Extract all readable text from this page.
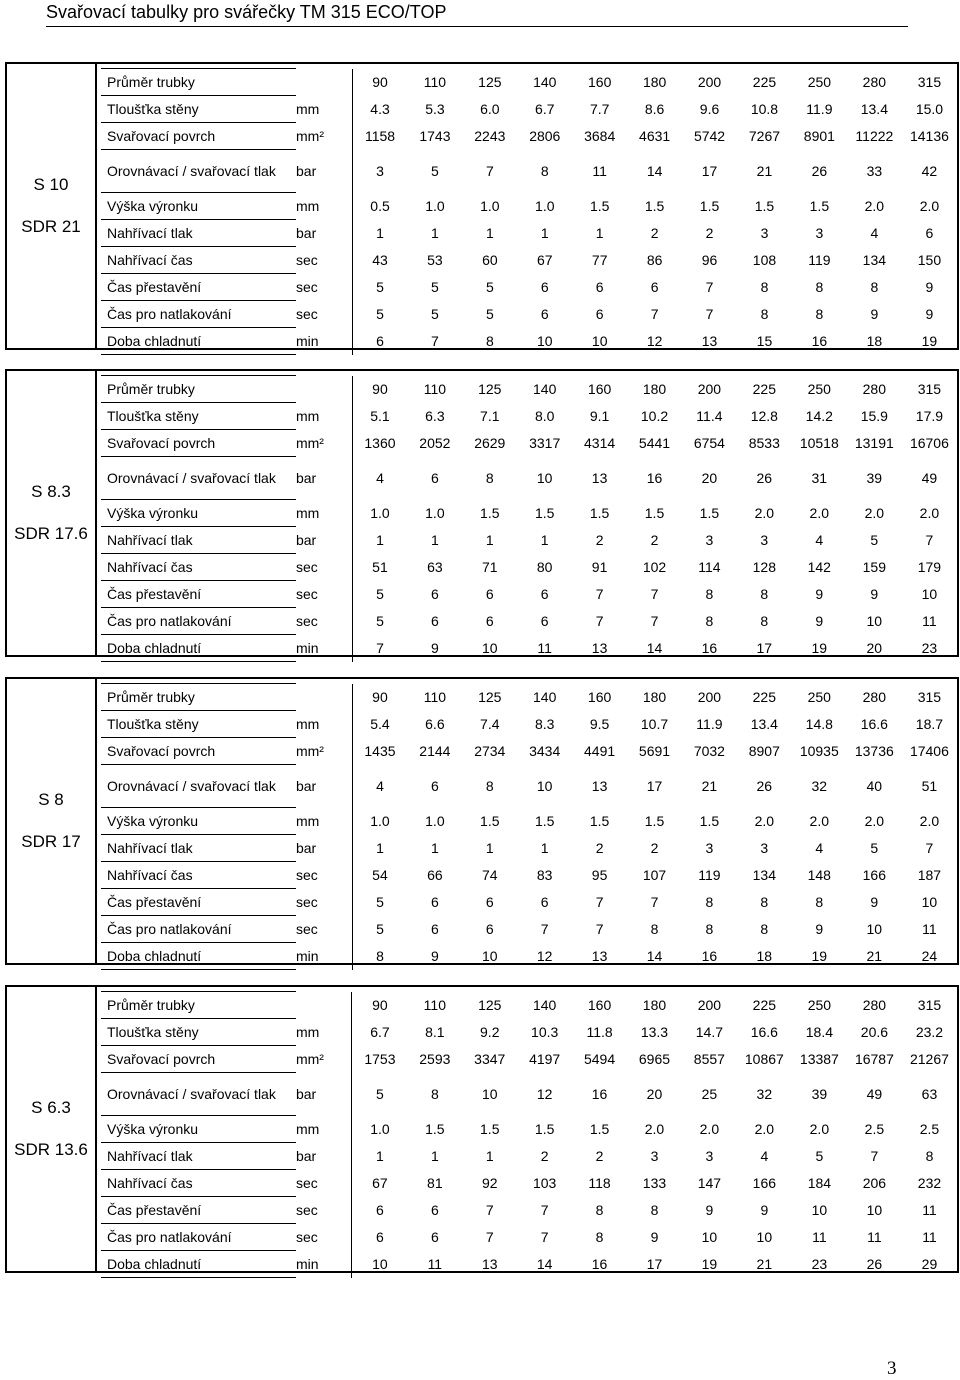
Svařovací tabulky pro svářečky TM 315 ECO/TOP
S 10
SDR 21
Průměr trubky		90	110	125	140	160	180	200	225	250	280	315
Tloušťka stěny	mm	4.3	5.3	6.0	6.7	7.7	8.6	9.6	10.8	11.9	13.4	15.0
Svařovací povrch	mm²	1158	1743	2243	2806	3684	4631	5742	7267	8901	11222	14136
Orovnávací / svařovací tlak	bar	3	5	7	8	11	14	17	21	26	33	42
Výška výronku	mm	0.5	1.0	1.0	1.0	1.5	1.5	1.5	1.5	1.5	2.0	2.0
Nahřívací tlak	bar	1	1	1	1	1	2	2	3	3	4	6
Nahřívací čas	sec	43	53	60	67	77	86	96	108	119	134	150
Čas přestavění	sec	5	5	5	6	6	6	7	8	8	8	9
Čas pro natlakování	sec	5	5	5	6	6	7	7	8	8	9	9
Doba chladnutí	min	6	7	8	10	10	12	13	15	16	18	19
S 8.3
SDR 17.6
Průměr trubky		90	110	125	140	160	180	200	225	250	280	315
Tloušťka stěny	mm	5.1	6.3	7.1	8.0	9.1	10.2	11.4	12.8	14.2	15.9	17.9
Svařovací povrch	mm²	1360	2052	2629	3317	4314	5441	6754	8533	10518	13191	16706
Orovnávací / svařovací tlak	bar	4	6	8	10	13	16	20	26	31	39	49
Výška výronku	mm	1.0	1.0	1.5	1.5	1.5	1.5	1.5	2.0	2.0	2.0	2.0
Nahřívací tlak	bar	1	1	1	1	2	2	3	3	4	5	7
Nahřívací čas	sec	51	63	71	80	91	102	114	128	142	159	179
Čas přestavění	sec	5	6	6	6	7	7	8	8	9	9	10
Čas pro natlakování	sec	5	6	6	6	7	7	8	8	9	10	11
Doba chladnutí	min	7	9	10	11	13	14	16	17	19	20	23
S 8
SDR 17
Průměr trubky		90	110	125	140	160	180	200	225	250	280	315
Tloušťka stěny	mm	5.4	6.6	7.4	8.3	9.5	10.7	11.9	13.4	14.8	16.6	18.7
Svařovací povrch	mm²	1435	2144	2734	3434	4491	5691	7032	8907	10935	13736	17406
Orovnávací / svařovací tlak	bar	4	6	8	10	13	17	21	26	32	40	51
Výška výronku	mm	1.0	1.0	1.5	1.5	1.5	1.5	1.5	2.0	2.0	2.0	2.0
Nahřívací tlak	bar	1	1	1	1	2	2	3	3	4	5	7
Nahřívací čas	sec	54	66	74	83	95	107	119	134	148	166	187
Čas přestavění	sec	5	6	6	6	7	7	8	8	8	9	10
Čas pro natlakování	sec	5	6	6	7	7	8	8	8	9	10	11
Doba chladnutí	min	8	9	10	12	13	14	16	18	19	21	24
S 6.3
SDR 13.6
Průměr trubky		90	110	125	140	160	180	200	225	250	280	315
Tloušťka stěny	mm	6.7	8.1	9.2	10.3	11.8	13.3	14.7	16.6	18.4	20.6	23.2
Svařovací povrch	mm²	1753	2593	3347	4197	5494	6965	8557	10867	13387	16787	21267
Orovnávací / svařovací tlak	bar	5	8	10	12	16	20	25	32	39	49	63
Výška výronku	mm	1.0	1.5	1.5	1.5	1.5	2.0	2.0	2.0	2.0	2.5	2.5
Nahřívací tlak	bar	1	1	1	2	2	3	3	4	5	7	8
Nahřívací čas	sec	67	81	92	103	118	133	147	166	184	206	232
Čas přestavění	sec	6	6	7	7	8	8	9	9	10	10	11
Čas pro natlakování	sec	6	6	7	7	8	9	10	10	11	11	11
Doba chladnutí	min	10	11	13	14	16	17	19	21	23	26	29
3
